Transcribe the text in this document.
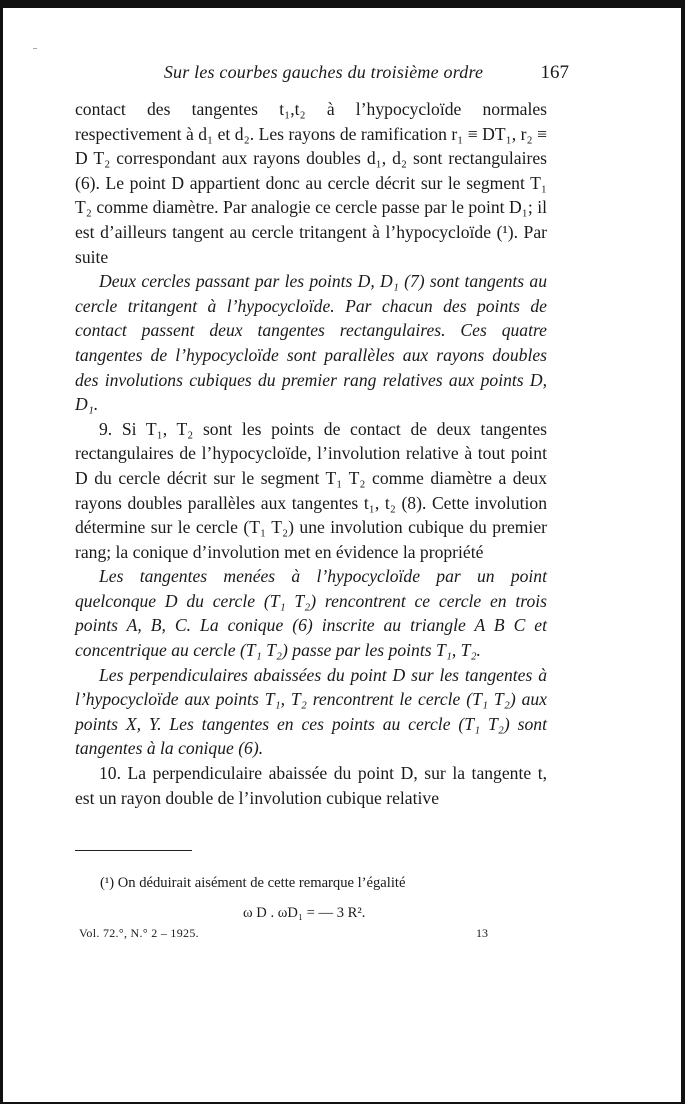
Sur les courbes gauches du troisième ordre	167

contact des tangentes t₁,t₂ à l’hypocycloïde normales respectivement à d₁ et d₂. Les rayons de ramification r₁ ≡ DT₁, r₂ ≡ D T₂ correspondant aux rayons doubles d₁, d₂ sont rectangulaires (6). Le point D appartient donc au cercle décrit sur le segment T₁ T₂ comme diamètre. Par analogie ce cercle passe par le point D₁; il est d’ailleurs tangent au cercle tritangent à l’hypocycloïde (¹). Par suite

Deux cercles passant par les points D, D₁ (7) sont tangents au cercle tritangent à l’hypocycloïde. Par chacun des points de contact passent deux tangentes rectangulaires. Ces quatre tangentes de l’hypocycloïde sont parallèles aux rayons doubles des involutions cubiques du premier rang relatives aux points D, D₁.

9. Si T₁, T₂ sont les points de contact de deux tangentes rectangulaires de l’hypocycloïde, l’involution relative à tout point D du cercle décrit sur le segment T₁ T₂ comme diamètre a deux rayons doubles parallèles aux tangentes t₁, t₂ (8). Cette involution détermine sur le cercle (T₁ T₂) une involution cubique du premier rang; la conique d’involution met en évidence la propriété

Les tangentes menées à l’hypocycloïde par un point quelconque D du cercle (T₁ T₂) rencontrent ce cercle en trois points A, B, C. La conique (6) inscrite au triangle A B C et concentrique au cercle (T₁ T₂) passe par les points T₁, T₂.

Les perpendiculaires abaissées du point D sur les tangentes à l’hypocycloïde aux points T₁, T₂ rencontrent le cercle (T₁ T₂) aux points X, Y. Les tangentes en ces points au cercle (T₁ T₂) sont tangentes à la conique (6).

10. La perpendiculaire abaissée du point D, sur la tangente t, est un rayon double de l’involution cubique relative

(¹) On déduirait aisément de cette remarque l’égalité
ω D . ωD₁ = — 3 R².
Vol. 72.°, N.° 2 – 1925.	13
